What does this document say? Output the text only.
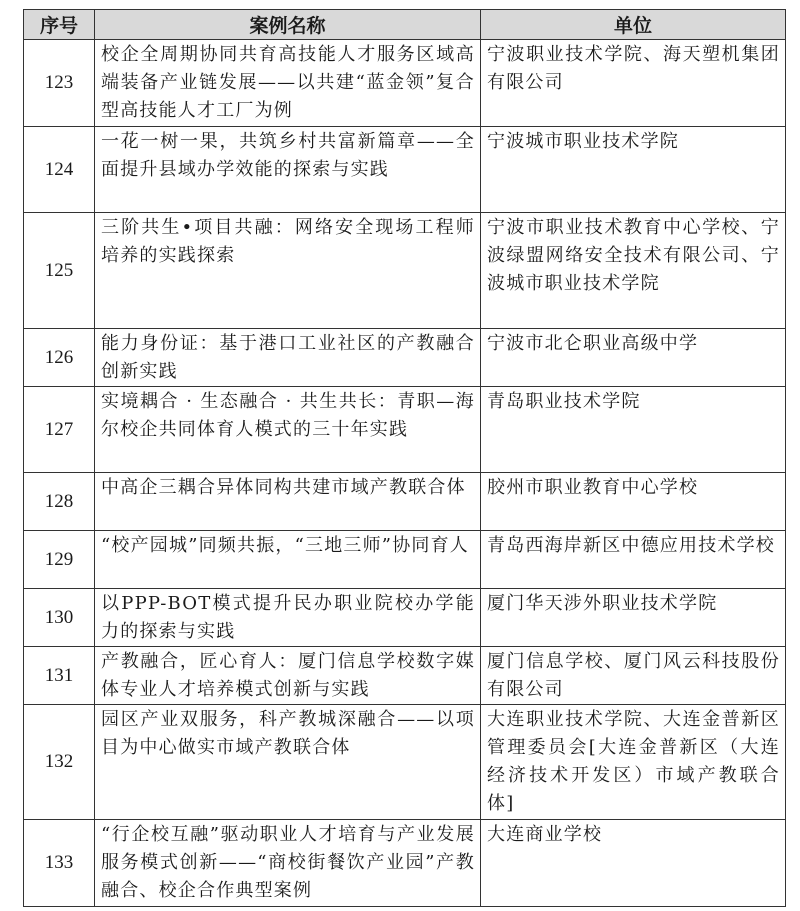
序号	案例名称	单位
123	校企全周期协同共育高技能人才服务区域高端装备产业链发展——以共建“蓝金领”复合型高技能人才工厂为例	宁波职业技术学院、海天塑机集团有限公司
124	一花一树一果，共筑乡村共富新篇章——全面提升县域办学效能的探索与实践	宁波城市职业技术学院
125	三阶共生•项目共融：网络安全现场工程师培养的实践探索	宁波市职业技术教育中心学校、宁波绿盟网络安全技术有限公司、宁波城市职业技术学院
126	能力身份证：基于港口工业社区的产教融合创新实践	宁波市北仑职业高级中学
127	实境耦合 · 生态融合 · 共生共长：青职—海尔校企共同体育人模式的三十年实践	青岛职业技术学院
128	中高企三耦合异体同构共建市域产教联合体	胶州市职业教育中心学校
129	“校产园城”同频共振，“三地三师”协同育人	青岛西海岸新区中德应用技术学校
130	以PPP-BOT模式提升民办职业院校办学能力的探索与实践	厦门华天涉外职业技术学院
131	产教融合，匠心育人：厦门信息学校数字媒体专业人才培养模式创新与实践	厦门信息学校、厦门风云科技股份有限公司
132	园区产业双服务，科产教城深融合——以项目为中心做实市域产教联合体	大连职业技术学院、大连金普新区管理委员会[大连金普新区（大连经济技术开发区）市域产教联合体]
133	“行企校互融”驱动职业人才培育与产业发展服务模式创新——“商校街餐饮产业园”产教融合、校企合作典型案例	大连商业学校
